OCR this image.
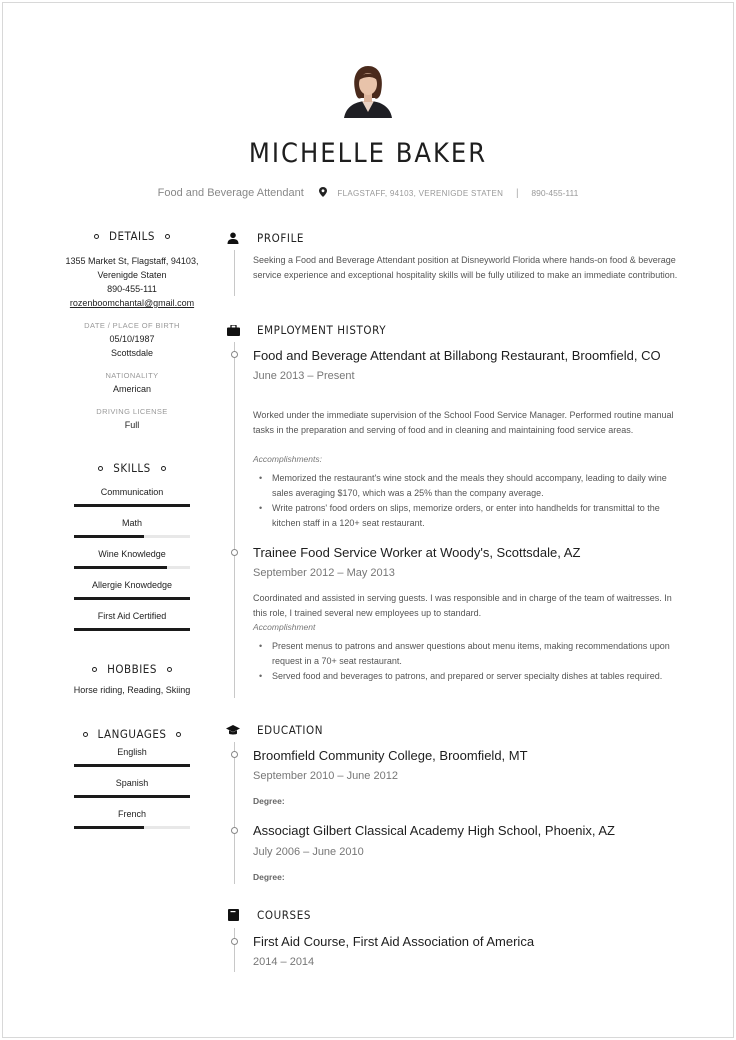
MICHELLE BAKER
Food and Beverage Attendant	FLAGSTAFF, 94103, VERENIGDE STATEN | 890-455-111
DETAILS
1355 Market St, Flagstaff, 94103,
Verenigde Staten
890-455-111
rozenboomchantal@gmail.com
DATE / PLACE OF BIRTH
05/10/1987
Scottsdale
NATIONALITY
American
DRIVING LICENSE
Full
SKILLS
Communication
Math
Wine Knowledge
Allergie Knowdedge
First Aid Certified
HOBBIES
Horse riding, Reading, Skiing
LANGUAGES
English
Spanish
French
PROFILE
Seeking a Food and Beverage Attendant position at Disneyworld Florida where hands-on food & beverage service experience and exceptional hospitality skills will be fully utilized to make an immediate contribution.
EMPLOYMENT HISTORY
Food and Beverage Attendant at Billabong Restaurant, Broomfield, CO
June 2013 – Present
Worked under the immediate supervision of the School Food Service Manager. Performed routine manual tasks in the preparation and serving of food and in cleaning and maintaining food service areas.
Accomplishments:
• Memorized the restaurant's wine stock and the meals they should accompany, leading to daily wine sales averaging $170, which was a 25% than the company average.
• Write patrons' food orders on slips, memorize orders, or enter into handhelds for transmittal to the kitchen staff in a 120+ seat restaurant.
Trainee Food Service Worker at Woody's, Scottsdale, AZ
September 2012 – May 2013
Coordinated and assisted in serving guests. I was responsible and in charge of the team of waitresses. In this role, I trained several new employees up to standard.
Accomplishment
• Present menus to patrons and answer questions about menu items, making recommendations upon request in a 70+ seat restaurant.
• Served food and beverages to patrons, and prepared or server specialty dishes at tables required.
EDUCATION
Broomfield Community College, Broomfield, MT
September 2010 – June 2012
Degree:
Associagt Gilbert Classical Academy High School, Phoenix, AZ
July 2006 – June 2010
Degree:
COURSES
First Aid Course, First Aid Association of America
2014 – 2014
